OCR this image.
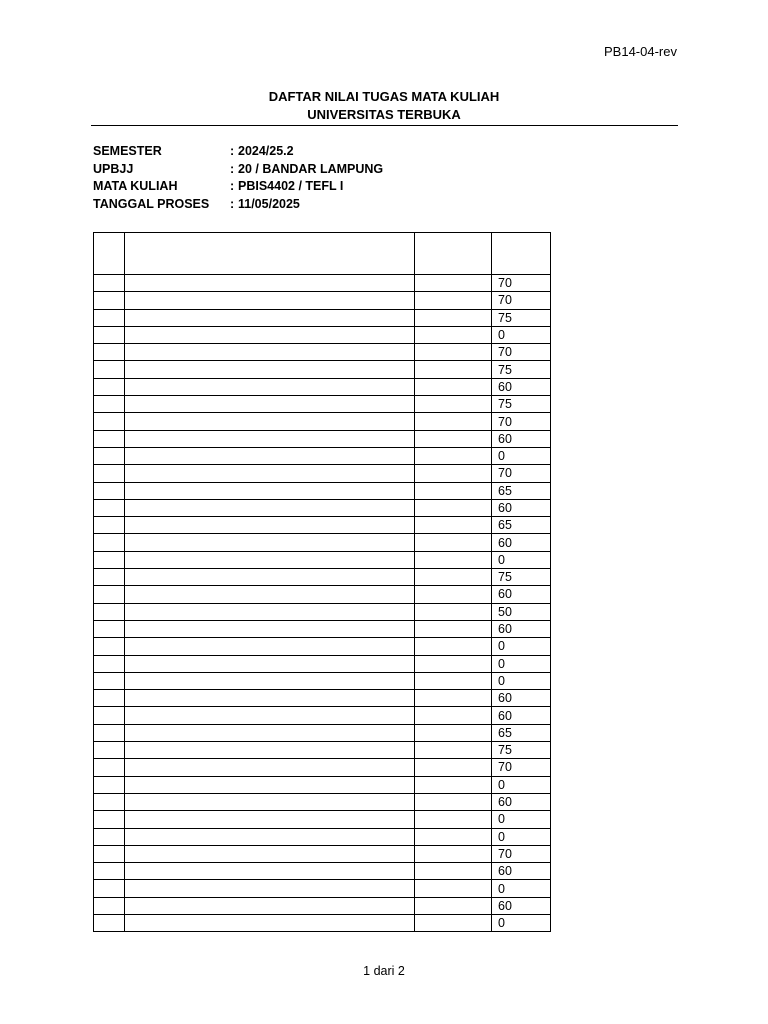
PB14-04-rev
DAFTAR NILAI TUGAS MATA KULIAH
UNIVERSITAS TERBUKA
SEMESTER	: 2024/25.2
UPBJJ	: 20 / BANDAR LAMPUNG
MATA KULIAH	: PBIS4402 / TEFL I
TANGGAL PROSES	: 11/05/2025

			70
			70
			75
			0
			70
			75
			60
			75
			70
			60
			0
			70
			65
			60
			65
			60
			0
			75
			60
			50
			60
			0
			0
			0
			60
			60
			65
			75
			70
			0
			60
			0
			0
			70
			60
			0
			60
			0
1 dari 2
